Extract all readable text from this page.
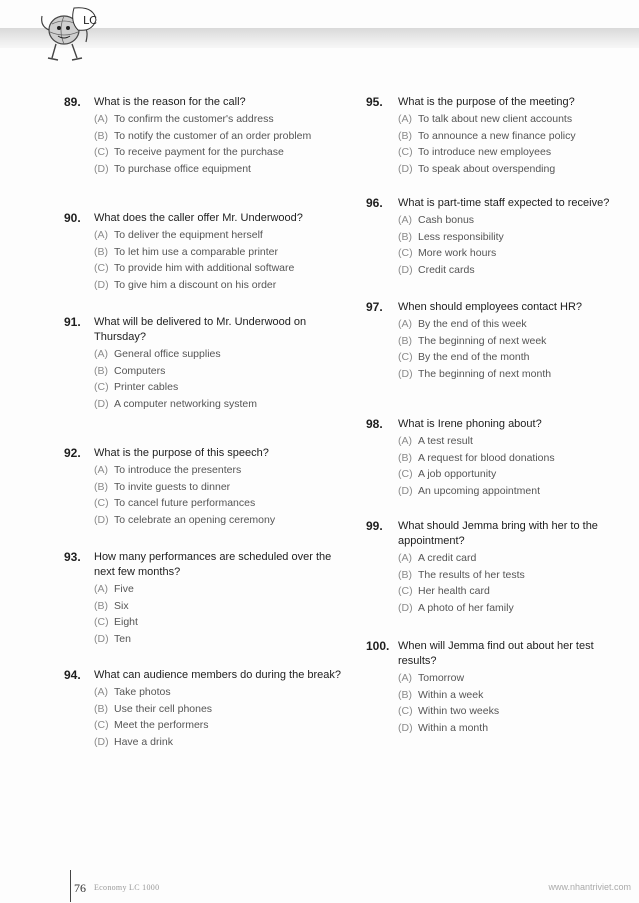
LC
89.	What is the reason for the call?
(A) To confirm the customer's address
(B) To notify the customer of an order problem
(C) To receive payment for the purchase
(D) To purchase office equipment
90.	What does the caller offer Mr. Underwood?
(A) To deliver the equipment herself
(B) To let him use a comparable printer
(C) To provide him with additional software
(D) To give him a discount on his order
91.	What will be delivered to Mr. Underwood on Thursday?
(A) General office supplies
(B) Computers
(C) Printer cables
(D) A computer networking system
92.	What is the purpose of this speech?
(A) To introduce the presenters
(B) To invite guests to dinner
(C) To cancel future performances
(D) To celebrate an opening ceremony
93.	How many performances are scheduled over the next few months?
(A) Five
(B) Six
(C) Eight
(D) Ten
94.	What can audience members do during the break?
(A) Take photos
(B) Use their cell phones
(C) Meet the performers
(D) Have a drink
95.	What is the purpose of the meeting?
(A) To talk about new client accounts
(B) To announce a new finance policy
(C) To introduce new employees
(D) To speak about overspending
96.	What is part-time staff expected to receive?
(A) Cash bonus
(B) Less responsibility
(C) More work hours
(D) Credit cards
97.	When should employees contact HR?
(A) By the end of this week
(B) The beginning of next week
(C) By the end of the month
(D) The beginning of next month
98.	What is Irene phoning about?
(A) A test result
(B) A request for blood donations
(C) A job opportunity
(D) An upcoming appointment
99.	What should Jemma bring with her to the appointment?
(A) A credit card
(B) The results of her tests
(C) Her health card
(D) A photo of her family
100. When will Jemma find out about her test results?
(A) Tomorrow
(B) Within a week
(C) Within two weeks
(D) Within a month
76 Economy LC 1000	www.nhantriviet.com
